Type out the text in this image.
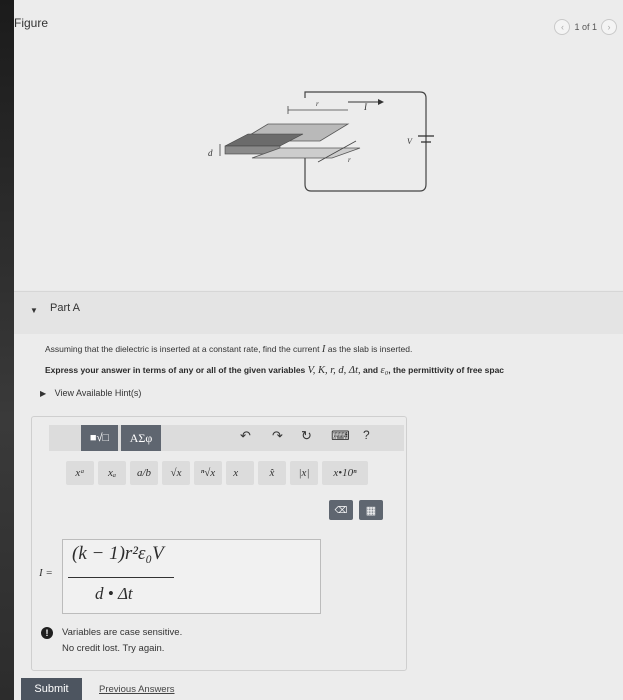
Figure	‹	1 of 1	›
V
I
r
r
d
▼ Part A
Assuming that the dielectric is inserted at a constant rate, find the current I as the slab is inserted.
Express your answer in terms of any or all of the given variables V, K, r, d, Δt, and ε₀, the permittivity of free spac
▶ View Available Hint(s)
■√□ ΑΣφ	↶ ↷ ↻ ⌨ ?
xᵃ	xₐ	a/b	√x	ⁿ√x	x⃗	x̂	|x|	x•10ⁿ
⌫ ▦
I =
(k − 1)r²ε₀V
d • Δt
!	Variables are case sensitive.
No credit lost. Try again.
Submit	Previous Answers
